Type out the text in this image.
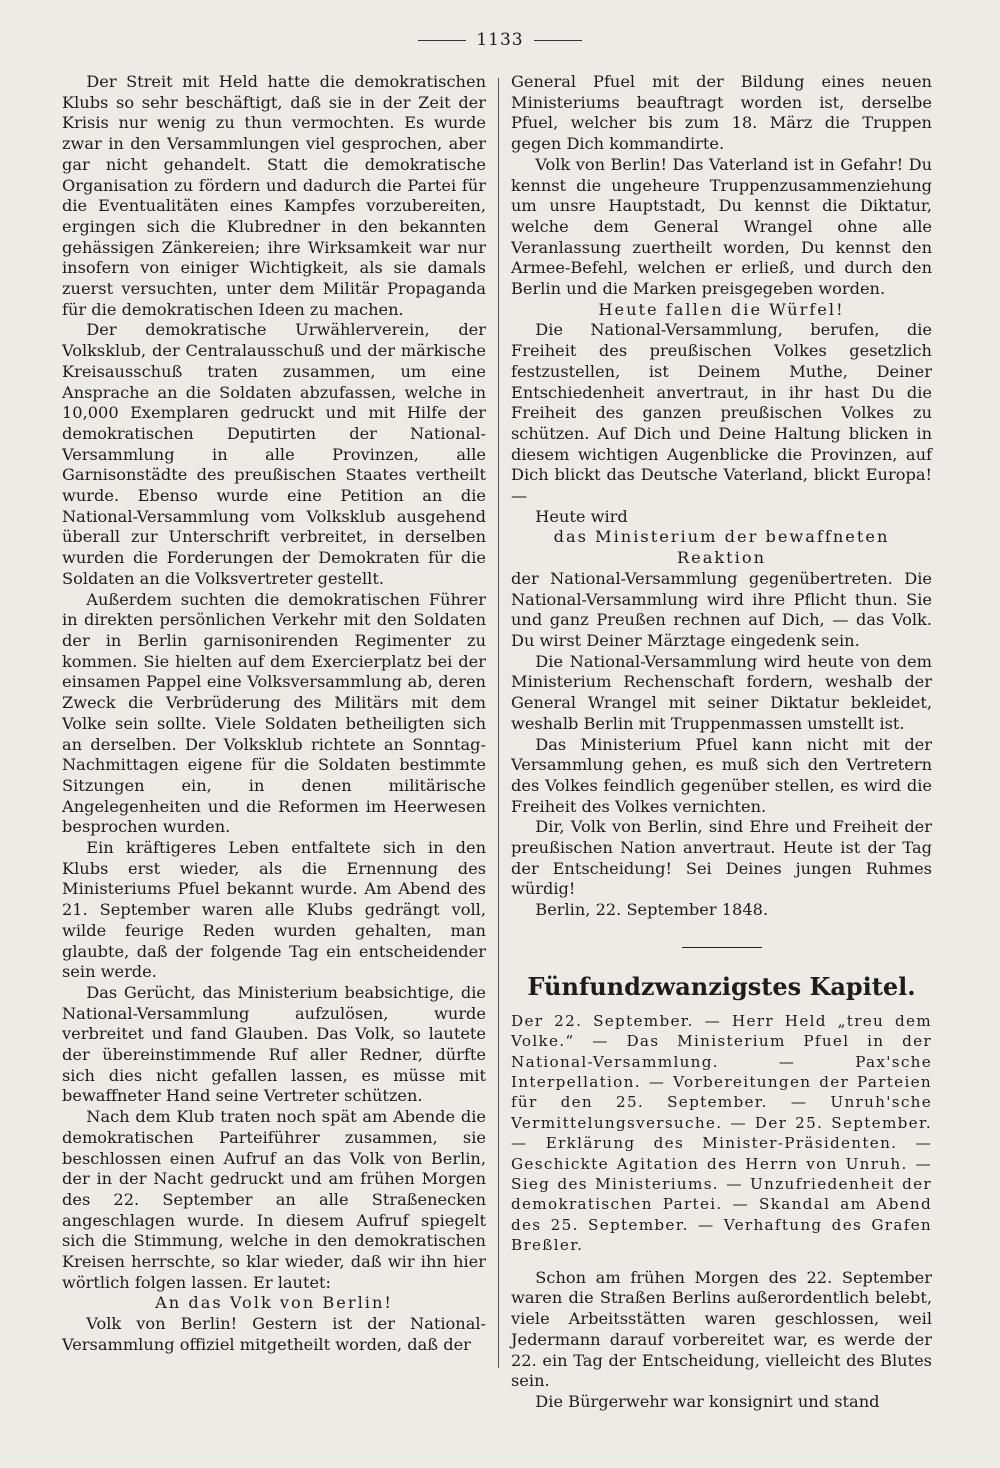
1133

Der Streit mit Held hatte die demokratischen Klubs so sehr beschäftigt, daß sie in der Zeit der Krisis nur wenig zu thun vermochten. Es wurde zwar in den Versammlungen viel gesprochen, aber gar nicht gehandelt. Statt die demokratische Organisation zu fördern und dadurch die Partei für die Eventualitäten eines Kampfes vorzubereiten, ergingen sich die Klubredner in den bekannten gehässigen Zänkereien; ihre Wirksamkeit war nur insofern von einiger Wichtigkeit, als sie damals zuerst versuchten, unter dem Militär Propaganda für die demokratischen Ideen zu machen.

Der demokratische Urwählerverein, der Volksklub, der Centralausschuß und der märkische Kreisausschuß traten zusammen, um eine Ansprache an die Soldaten abzufassen, welche in 10,000 Exemplaren gedruckt und mit Hilfe der demokratischen Deputirten der National-Versammlung in alle Provinzen, alle Garnisonstädte des preußischen Staates vertheilt wurde. Ebenso wurde eine Petition an die National-Versammlung vom Volksklub ausgehend überall zur Unterschrift verbreitet, in derselben wurden die Forderungen der Demokraten für die Soldaten an die Volksvertreter gestellt.

Außerdem suchten die demokratischen Führer in direkten persönlichen Verkehr mit den Soldaten der in Berlin garnisonirenden Regimenter zu kommen. Sie hielten auf dem Exercierplatz bei der einsamen Pappel eine Volksversammlung ab, deren Zweck die Verbrüderung des Militärs mit dem Volke sein sollte. Viele Soldaten betheiligten sich an derselben. Der Volksklub richtete an Sonntag-Nachmittagen eigene für die Soldaten bestimmte Sitzungen ein, in denen militärische Angelegenheiten und die Reformen im Heerwesen besprochen wurden.

Ein kräftigeres Leben entfaltete sich in den Klubs erst wieder, als die Ernennung des Ministeriums Pfuel bekannt wurde. Am Abend des 21. September waren alle Klubs gedrängt voll, wilde feurige Reden wurden gehalten, man glaubte, daß der folgende Tag ein entscheidender sein werde.

Das Gerücht, das Ministerium beabsichtige, die National-Versammlung aufzulösen, wurde verbreitet und fand Glauben. Das Volk, so lautete der übereinstimmende Ruf aller Redner, dürfte sich dies nicht gefallen lassen, es müsse mit bewaffneter Hand seine Vertreter schützen.

Nach dem Klub traten noch spät am Abende die demokratischen Parteiführer zusammen, sie beschlossen einen Aufruf an das Volk von Berlin, der in der Nacht gedruckt und am frühen Morgen des 22. September an alle Straßenecken angeschlagen wurde. In diesem Aufruf spiegelt sich die Stimmung, welche in den demokratischen Kreisen herrschte, so klar wieder, daß wir ihn hier wörtlich folgen lassen. Er lautet:

An das Volk von Berlin!

Volk von Berlin! Gestern ist der National-Versammlung offiziel mitgetheilt worden, daß der

General Pfuel mit der Bildung eines neuen Ministeriums beauftragt worden ist, derselbe Pfuel, welcher bis zum 18. März die Truppen gegen Dich kommandirte.

Volk von Berlin! Das Vaterland ist in Gefahr! Du kennst die ungeheure Truppenzusammenziehung um unsre Hauptstadt, Du kennst die Diktatur, welche dem General Wrangel ohne alle Veranlassung zuertheilt worden, Du kennst den Armee-Befehl, welchen er erließ, und durch den Berlin und die Marken preisgegeben worden.

Heute fallen die Würfel!

Die National-Versammlung, berufen, die Freiheit des preußischen Volkes gesetzlich festzustellen, ist Deinem Muthe, Deiner Entschiedenheit anvertraut, in ihr hast Du die Freiheit des ganzen preußischen Volkes zu schützen. Auf Dich und Deine Haltung blicken in diesem wichtigen Augenblicke die Provinzen, auf Dich blickt das Deutsche Vaterland, blickt Europa! —

Heute wird

das Ministerium der bewaffneten

Reaktion

der National-Versammlung gegenübertreten. Die National-Versammlung wird ihre Pflicht thun. Sie und ganz Preußen rechnen auf Dich, — das Volk. Du wirst Deiner Märztage eingedenk sein.

Die National-Versammlung wird heute von dem Ministerium Rechenschaft fordern, weshalb der General Wrangel mit seiner Diktatur bekleidet, weshalb Berlin mit Truppenmassen umstellt ist.

Das Ministerium Pfuel kann nicht mit der Versammlung gehen, es muß sich den Vertretern des Volkes feindlich gegenüber stellen, es wird die Freiheit des Volkes vernichten.

Dir, Volk von Berlin, sind Ehre und Freiheit der preußischen Nation anvertraut. Heute ist der Tag der Entscheidung! Sei Deines jungen Ruhmes würdig!

Berlin, 22. September 1848.

Fünfundzwanzigstes Kapitel.

Der 22. September. — Herr Held „treu dem Volke.“ — Das Ministerium Pfuel in der National-Versammlung. — Pax'sche Interpellation. — Vorbereitungen der Parteien für den 25. September. — Unruh'sche Vermittelungsversuche. — Der 25. September. — Erklärung des Minister-Präsidenten. — Geschickte Agitation des Herrn von Unruh. — Sieg des Ministeriums. — Unzufriedenheit der demokratischen Partei. — Skandal am Abend des 25. September. — Verhaftung des Grafen Breßler.

Schon am frühen Morgen des 22. September waren die Straßen Berlins außerordentlich belebt, viele Arbeitsstätten waren geschlossen, weil Jedermann darauf vorbereitet war, es werde der 22. ein Tag der Entscheidung, vielleicht des Blutes sein.

Die Bürgerwehr war konsignirt und stand
